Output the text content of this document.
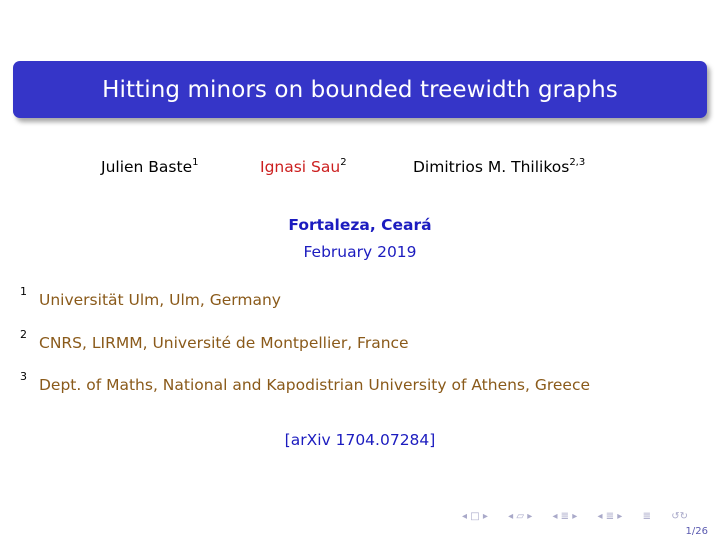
Hitting minors on bounded treewidth graphs
Julien Baste$^1$	Ignasi Sau$^2$	Dimitrios M. Thilikos$^{2,3}$
Fortaleza, Ceará
February 2019
1 Universität Ulm, Ulm, Germany
2 CNRS, LIRMM, Université de Montpellier, France
3 Dept. of Maths, National and Kapodistrian University of Athens, Greece
[arXiv 1704.07284]
◂ □ ▸ ◂ ▱ ▸ ◂ ≣ ▸ ◂ ≣ ▸ ≣ ↺↻
1/26
